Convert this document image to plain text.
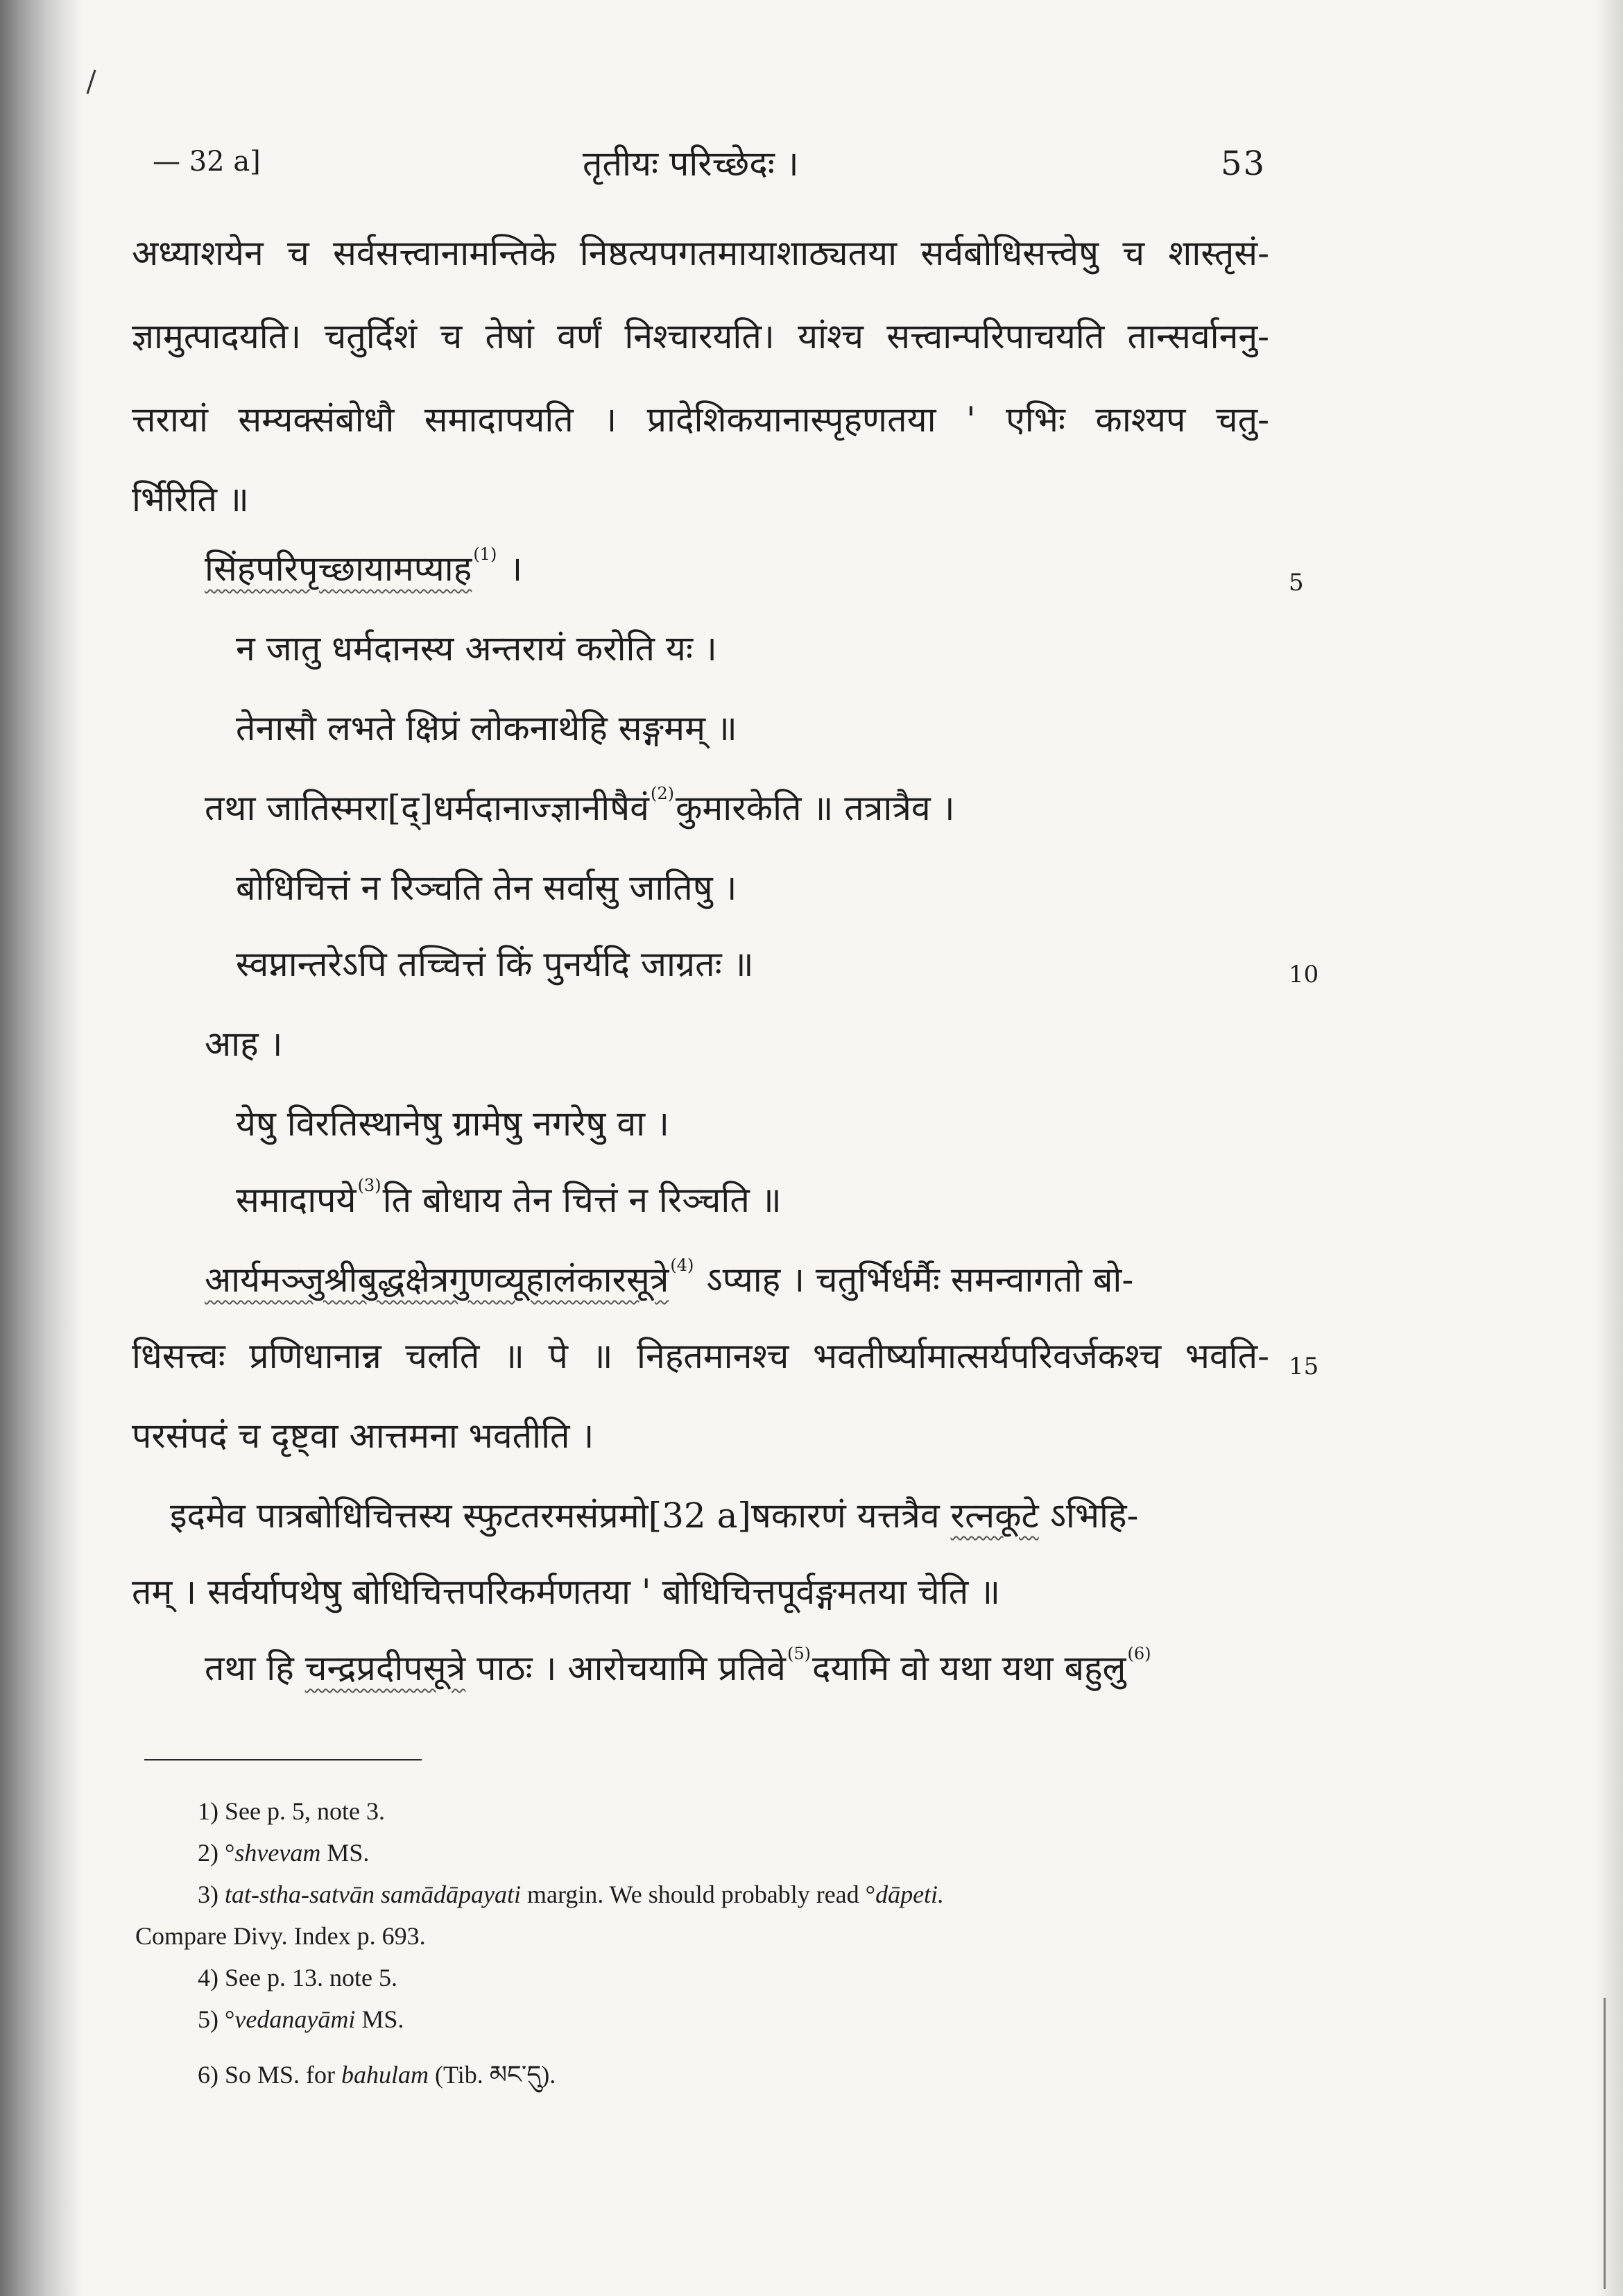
— 32 a]	तृतीयः परिच्छेदः ।	53
अध्याशयेन च सर्वसत्त्वानामन्तिके निष्ठत्यपगतमायाशाठ्यतया सर्वबोधिसत्त्वेषु च शास्तृसं-
ज्ञामुत्पादयति। चतुर्दिशं च तेषां वर्णं निश्चारयति। यांश्च सत्त्वान्परिपाचयति तान्सर्वाननु-
त्तरायां सम्यक्संबोधौ समादापयति । प्रादेशिकयानास्पृहणतया ' एभिः काश्यप चतु-
र्भिरिति ॥
सिंहपरिपृच्छायामप्याह$^{(1)}$ ।	5
न जातु धर्मदानस्य अन्तरायं करोति यः ।
तेनासौ लभते क्षिप्रं लोकनाथेहि सङ्गमम् ॥
तथा जातिस्मरा[द्]धर्मदानाज्ज्ञानीषैवं$^{(2)}$कुमारकेति ॥ तत्रात्रैव ।
बोधिचित्तं न रिञ्चति तेन सर्वासु जातिषु ।
स्वप्नान्तरेऽपि तच्चित्तं किं पुनर्यदि जाग्रतः ॥	10
आह ।
येषु विरतिस्थानेषु ग्रामेषु नगरेषु वा ।
समादापये$^{(3)}$ति बोधाय तेन चित्तं न रिञ्चति ॥
आर्यमञ्जुश्रीबुद्धक्षेत्रगुणव्यूहालंकारसूत्रे$^{(4)}$ ऽप्याह । चतुर्भिर्धर्मैः समन्वागतो बो-
धिसत्त्वः प्रणिधानान्न चलति ॥ पे ॥ निहतमानश्च भवतीर्ष्यामात्सर्यपरिवर्जकश्च भवति- 15
परसंपदं च दृष्ट्वा आत्तमना भवतीति ।
इदमेव पात्रबोधिचित्तस्य स्फुटतरमसंप्रमो[32 a]षकारणं यत्तत्रैव रत्नकूटे ऽभिहि-
तम् । सर्वर्यापथेषु बोधिचित्तपरिकर्मणतया ' बोधिचित्तपूर्वङ्गमतया चेति ॥
तथा हि चन्द्रप्रदीपसूत्रे पाठः । आरोचयामि प्रतिवे$^{(5)}$दयामि वो यथा यथा बहुलु$^{(6)}$
1) See p. 5, note 3.
2) °shvevam MS.
3) tat-stha-satvān samādāpayati margin. We should probably read °dāpeti.
Compare Divy. Index p. 693.
4) See p. 13. note 5.
5) °vedanayāmi MS.
6) So MS. for bahulam (Tib. མང་དུ).
